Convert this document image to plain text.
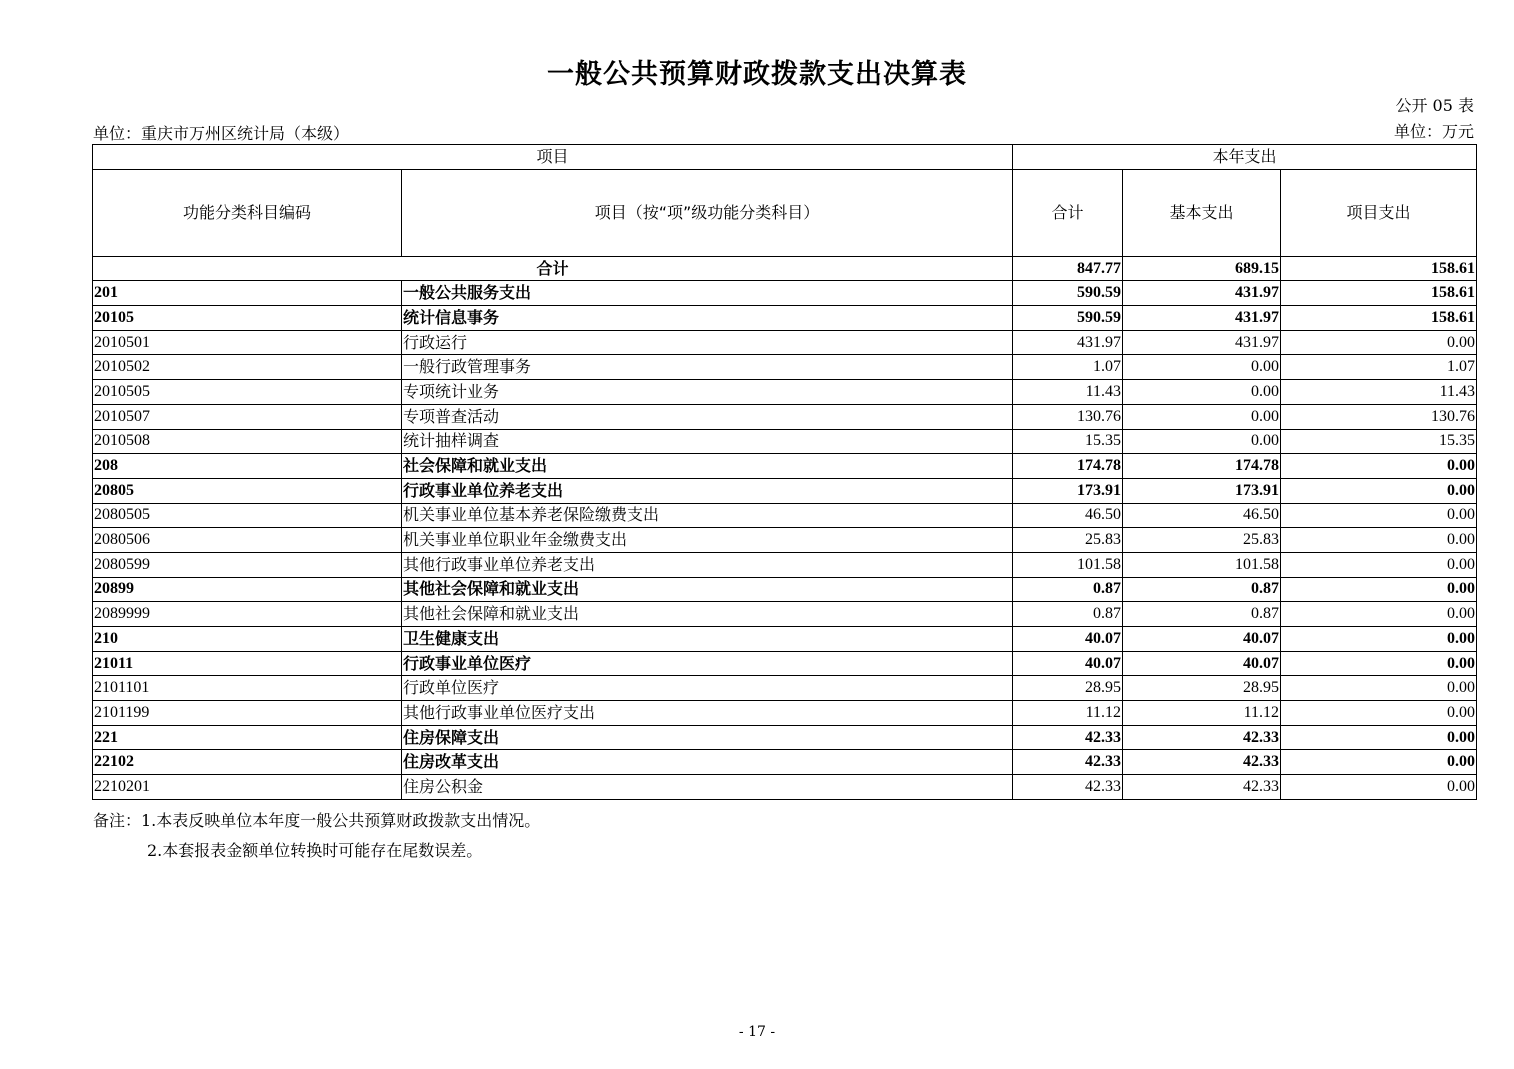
一般公共预算财政拨款支出决算表
公开 05 表
单位：重庆市万州区统计局（本级）	单位：万元
项目		本年支出		
功能分类科目编码	项目（按“项”级功能分类科目）	合计	基本支出	项目支出
合计		847.77	689.15	158.61
201	一般公共服务支出	590.59	431.97	158.61
20105	统计信息事务	590.59	431.97	158.61
2010501	行政运行	431.97	431.97	0.00
2010502	一般行政管理事务	1.07	0.00	1.07
2010505	专项统计业务	11.43	0.00	11.43
2010507	专项普查活动	130.76	0.00	130.76
2010508	统计抽样调查	15.35	0.00	15.35
208	社会保障和就业支出	174.78	174.78	0.00
20805	行政事业单位养老支出	173.91	173.91	0.00
2080505	机关事业单位基本养老保险缴费支出	46.50	46.50	0.00
2080506	机关事业单位职业年金缴费支出	25.83	25.83	0.00
2080599	其他行政事业单位养老支出	101.58	101.58	0.00
20899	其他社会保障和就业支出	0.87	0.87	0.00
2089999	其他社会保障和就业支出	0.87	0.87	0.00
210	卫生健康支出	40.07	40.07	0.00
21011	行政事业单位医疗	40.07	40.07	0.00
2101101	行政单位医疗	28.95	28.95	0.00
2101199	其他行政事业单位医疗支出	11.12	11.12	0.00
221	住房保障支出	42.33	42.33	0.00
22102	住房改革支出	42.33	42.33	0.00
2210201	住房公积金	42.33	42.33	0.00
备注：1.本表反映单位本年度一般公共预算财政拨款支出情况。
2.本套报表金额单位转换时可能存在尾数误差。
- 17 -
